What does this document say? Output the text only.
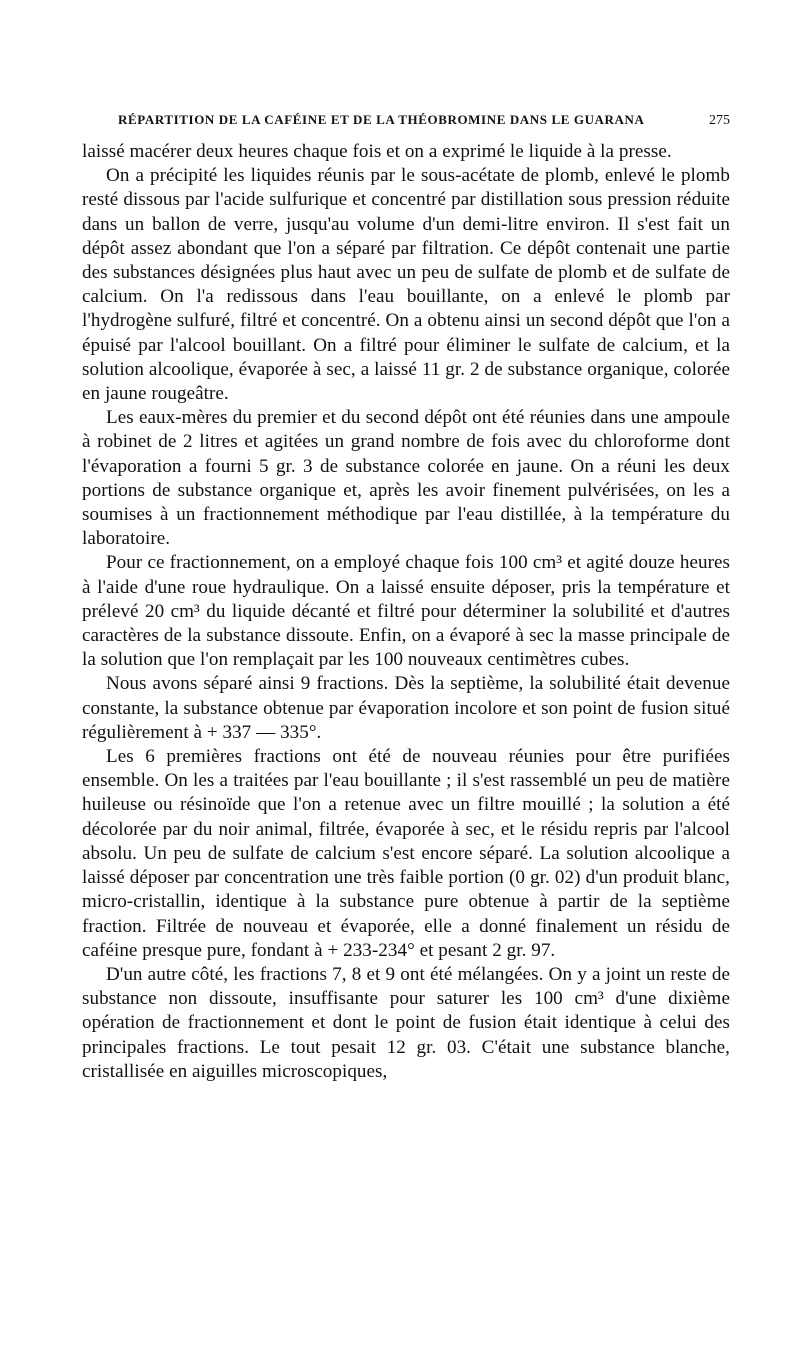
RÉPARTITION DE LA CAFÉINE ET DE LA THÉOBROMINE DANS LE GUARANA	275

laissé macérer deux heures chaque fois et on a exprimé le liquide à la presse.

On a précipité les liquides réunis par le sous-acétate de plomb, enlevé le plomb resté dissous par l'acide sulfurique et concentré par distillation sous pression réduite dans un ballon de verre, jusqu'au volume d'un demi-litre environ. Il s'est fait un dépôt assez abondant que l'on a séparé par filtration. Ce dépôt contenait une partie des substances désignées plus haut avec un peu de sulfate de plomb et de sulfate de calcium. On l'a redissous dans l'eau bouillante, on a enlevé le plomb par l'hydrogène sulfuré, filtré et concentré. On a obtenu ainsi un second dépôt que l'on a épuisé par l'alcool bouillant. On a filtré pour éliminer le sulfate de calcium, et la solution alcoolique, évaporée à sec, a laissé 11 gr. 2 de substance organique, colorée en jaune rougeâtre.

Les eaux-mères du premier et du second dépôt ont été réunies dans une ampoule à robinet de 2 litres et agitées un grand nombre de fois avec du chloroforme dont l'évaporation a fourni 5 gr. 3 de substance colorée en jaune. On a réuni les deux portions de substance organique et, après les avoir finement pulvérisées, on les a soumises à un fractionnement méthodique par l'eau distillée, à la température du laboratoire.

Pour ce fractionnement, on a employé chaque fois 100 cm³ et agité douze heures à l'aide d'une roue hydraulique. On a laissé ensuite déposer, pris la température et prélevé 20 cm³ du liquide décanté et filtré pour déterminer la solubilité et d'autres caractères de la substance dissoute. Enfin, on a évaporé à sec la masse principale de la solution que l'on remplaçait par les 100 nouveaux centimètres cubes.

Nous avons séparé ainsi 9 fractions. Dès la septième, la solubilité était devenue constante, la substance obtenue par évaporation incolore et son point de fusion situé régulièrement à + 337 — 335°.

Les 6 premières fractions ont été de nouveau réunies pour être purifiées ensemble. On les a traitées par l'eau bouillante ; il s'est rassemblé un peu de matière huileuse ou résinoïde que l'on a retenue avec un filtre mouillé ; la solution a été décolorée par du noir animal, filtrée, évaporée à sec, et le résidu repris par l'alcool absolu. Un peu de sulfate de calcium s'est encore séparé. La solution alcoolique a laissé déposer par concentration une très faible portion (0 gr. 02) d'un produit blanc, micro-cristallin, identique à la substance pure obtenue à partir de la septième fraction. Filtrée de nouveau et évaporée, elle a donné finalement un résidu de caféine presque pure, fondant à + 233-234° et pesant 2 gr. 97.

D'un autre côté, les fractions 7, 8 et 9 ont été mélangées. On y a joint un reste de substance non dissoute, insuffisante pour saturer les 100 cm³ d'une dixième opération de fractionnement et dont le point de fusion était identique à celui des principales fractions. Le tout pesait 12 gr. 03. C'était une substance blanche, cristallisée en aiguilles microscopiques,
